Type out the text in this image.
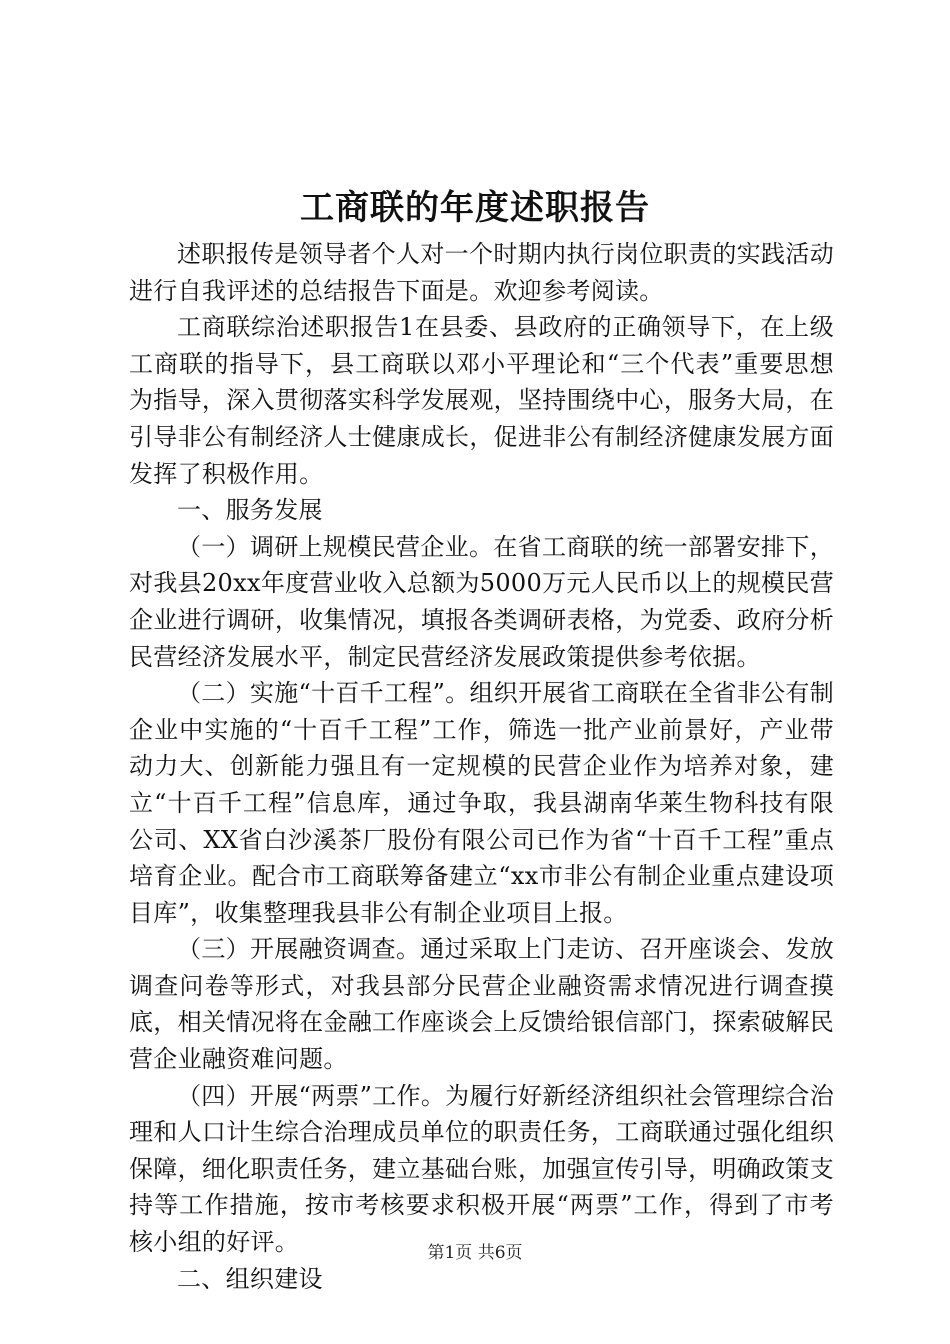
工商联的年度述职报告

述职报传是领导者个人对一个时期内执行岗位职责的实践活动进行自我评述的总结报告下面是。欢迎参考阅读。

工商联综治述职报告1在县委、县政府的正确领导下，在上级工商联的指导下，县工商联以邓小平理论和“三个代表”重要思想为指导，深入贯彻落实科学发展观，坚持围绕中心，服务大局，在引导非公有制经济人士健康成长，促进非公有制经济健康发展方面发挥了积极作用。

一、服务发展

（一）调研上规模民营企业。在省工商联的统一部署安排下，对我县20xx年度营业收入总额为5000万元人民币以上的规模民营企业进行调研，收集情况，填报各类调研表格，为党委、政府分析民营经济发展水平，制定民营经济发展政策提供参考依据。

（二）实施“十百千工程”。组织开展省工商联在全省非公有制企业中实施的“十百千工程”工作，筛选一批产业前景好，产业带动力大、创新能力强且有一定规模的民营企业作为培养对象，建立“十百千工程”信息库，通过争取，我县湖南华莱生物科技有限公司、XX省白沙溪茶厂股份有限公司已作为省“十百千工程”重点培育企业。配合市工商联筹备建立“xx市非公有制企业重点建设项目库”，收集整理我县非公有制企业项目上报。

（三）开展融资调查。通过采取上门走访、召开座谈会、发放调查问卷等形式，对我县部分民营企业融资需求情况进行调查摸底，相关情况将在金融工作座谈会上反馈给银信部门，探索破解民营企业融资难问题。

（四）开展“两票”工作。为履行好新经济组织社会管理综合治理和人口计生综合治理成员单位的职责任务，工商联通过强化组织保障，细化职责任务，建立基础台账，加强宣传引导，明确政策支持等工作措施，按市考核要求积极开展“两票”工作，得到了市考核小组的好评。

二、组织建设

第1页 共6页
